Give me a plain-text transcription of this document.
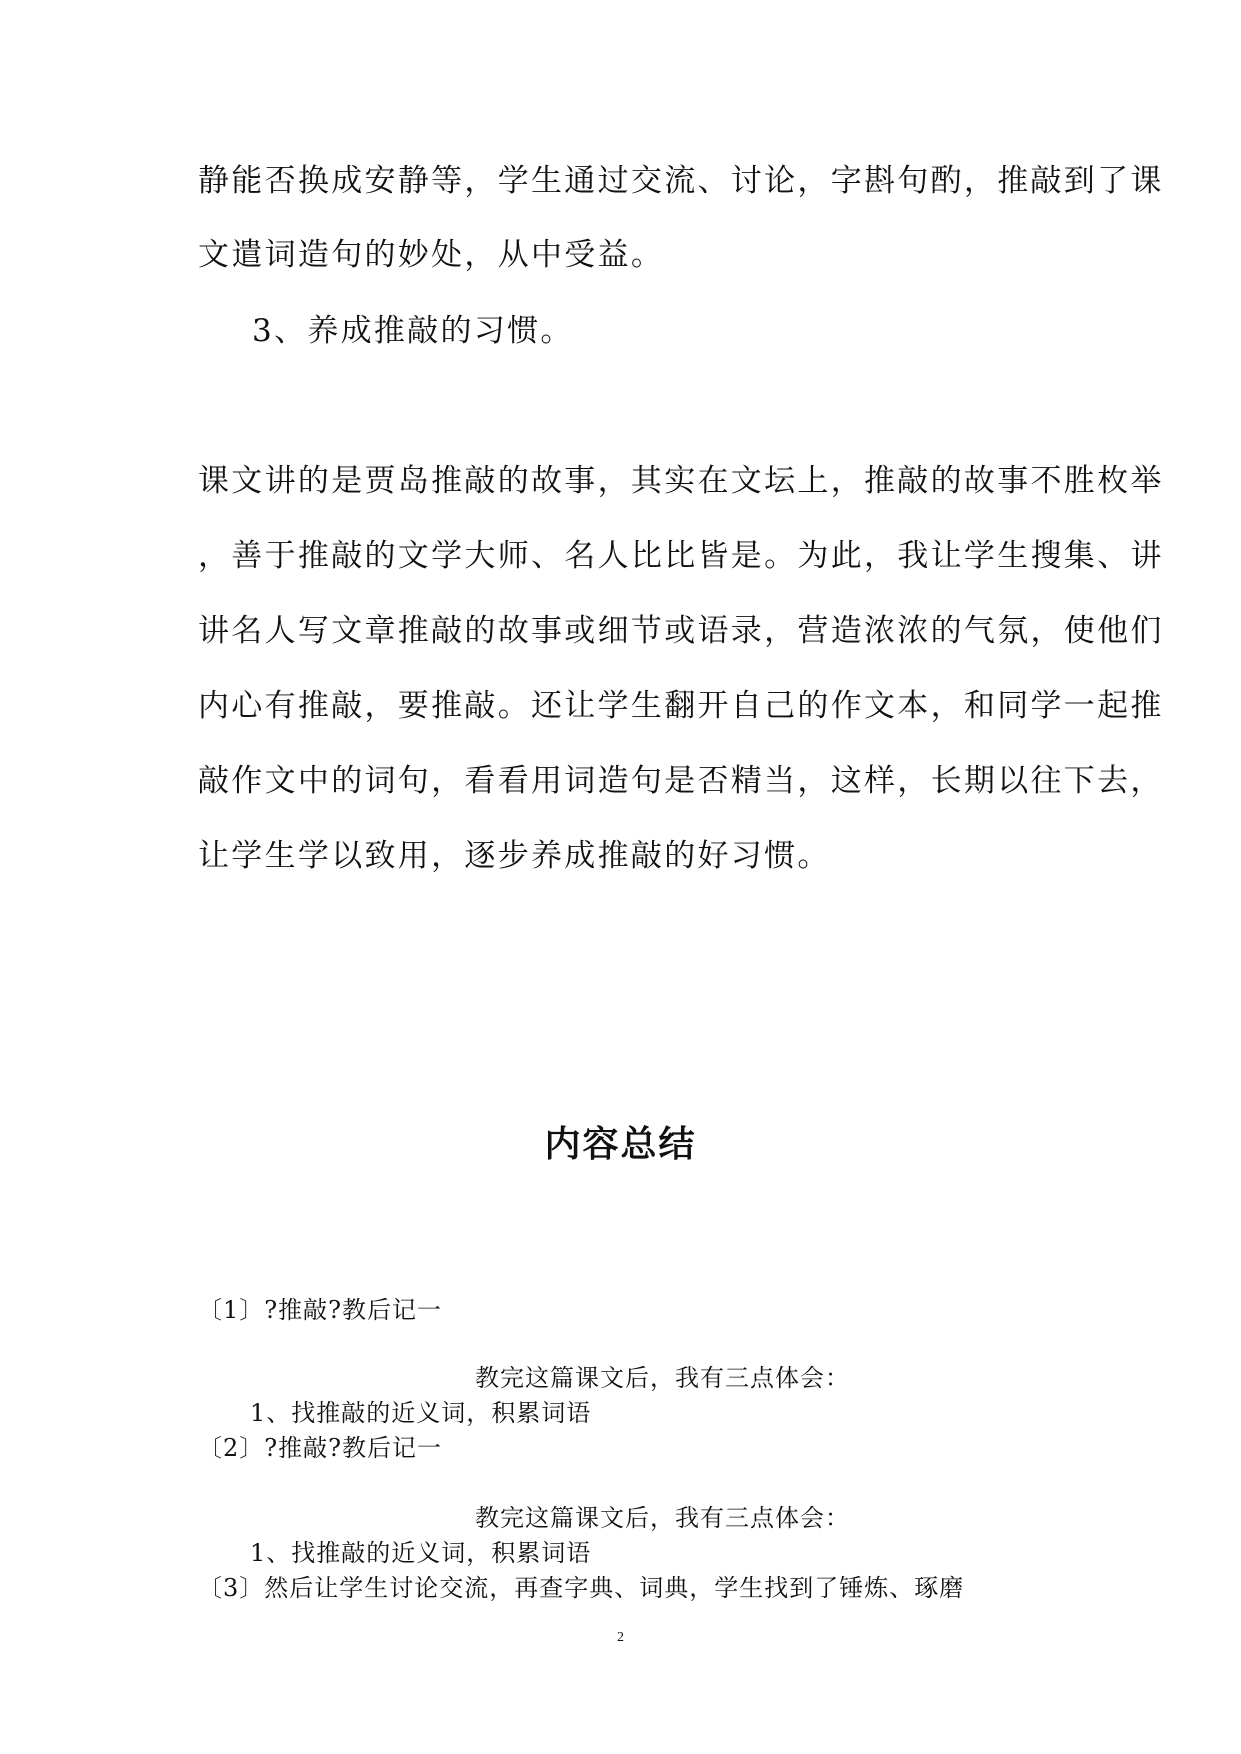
静能否换成安静等，学生通过交流、讨论，字斟句酌，推敲到了课

文遣词造句的妙处，从中受益。

3、养成推敲的习惯。

课文讲的是贾岛推敲的故事，其实在文坛上，推敲的故事不胜枚举

，善于推敲的文学大师、名人比比皆是。为此，我让学生搜集、讲

讲名人写文章推敲的故事或细节或语录，营造浓浓的气氛，使他们

内心有推敲，要推敲。还让学生翻开自己的作文本，和同学一起推

敲作文中的词句，看看用词造句是否精当，这样，长期以往下去，

让学生学以致用，逐步养成推敲的好习惯。

内容总结

〔1〕?推敲?教后记一

教完这篇课文后，我有三点体会：

1、找推敲的近义词，积累词语

〔2〕?推敲?教后记一

教完这篇课文后，我有三点体会：

1、找推敲的近义词，积累词语

〔3〕然后让学生讨论交流，再查字典、词典，学生找到了锤炼、琢磨

2
